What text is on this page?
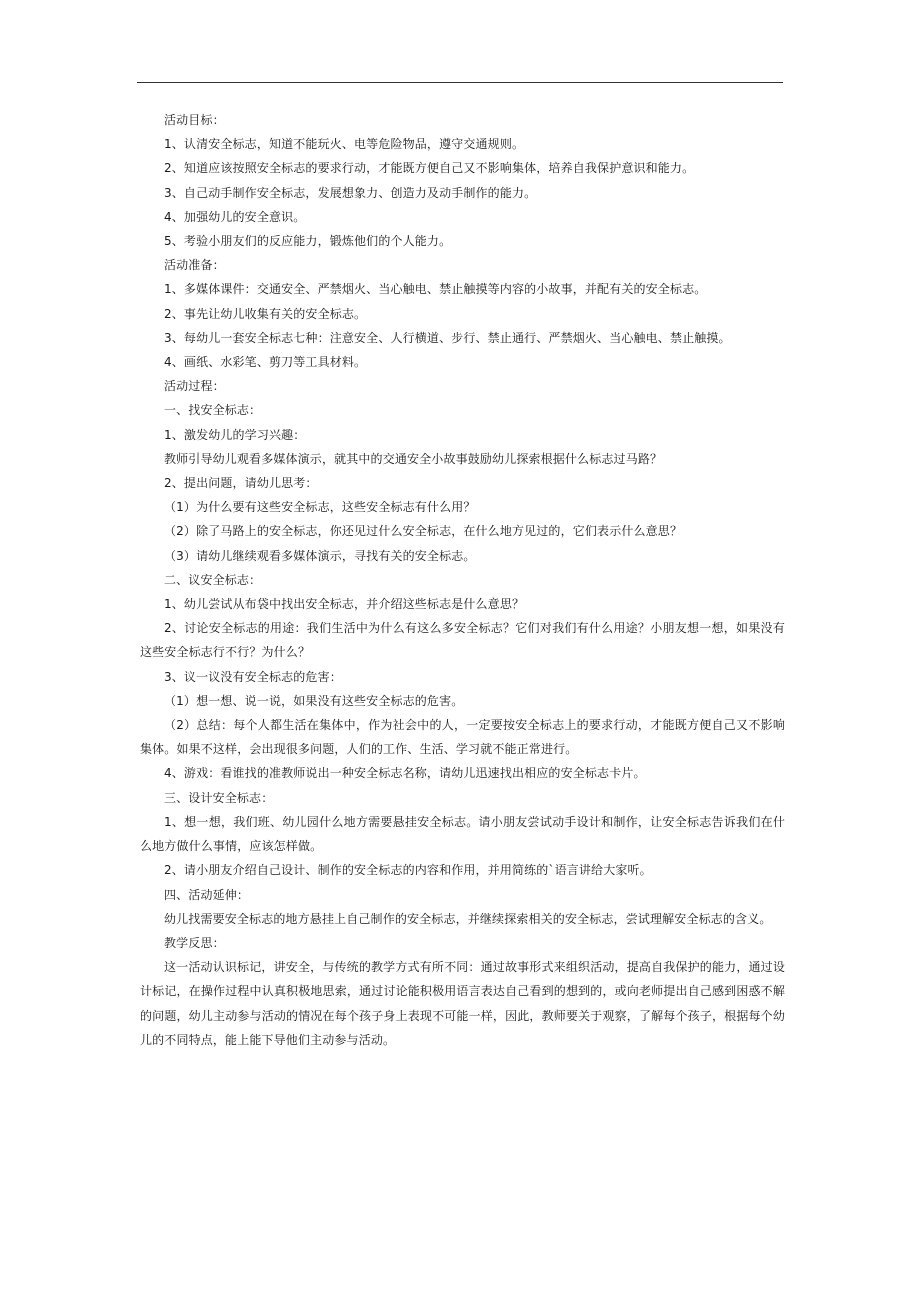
活动目标：

1、认清安全标志，知道不能玩火、电等危险物品，遵守交通规则。

2、知道应该按照安全标志的要求行动，才能既方便自己又不影响集体，培养自我保护意识和能力。

3、自己动手制作安全标志，发展想象力、创造力及动手制作的能力。

4、加强幼儿的安全意识。

5、考验小朋友们的反应能力，锻炼他们的个人能力。

活动准备：

1、多媒体课件：交通安全、严禁烟火、当心触电、禁止触摸等内容的小故事，并配有关的安全标志。

2、事先让幼儿收集有关的安全标志。

3、每幼儿一套安全标志七种：注意安全、人行横道、步行、禁止通行、严禁烟火、当心触电、禁止触摸。

4、画纸、水彩笔、剪刀等工具材料。

活动过程：

一、找安全标志：

1、激发幼儿的学习兴趣：

教师引导幼儿观看多媒体演示，就其中的交通安全小故事鼓励幼儿探索根据什么标志过马路？

2、提出问题，请幼儿思考：

（1）为什么要有这些安全标志，这些安全标志有什么用？

（2）除了马路上的安全标志，你还见过什么安全标志，在什么地方见过的，它们表示什么意思？

（3）请幼儿继续观看多媒体演示，寻找有关的安全标志。

二、议安全标志：

1、幼儿尝试从布袋中找出安全标志，并介绍这些标志是什么意思？

2、讨论安全标志的用途：我们生活中为什么有这么多安全标志？它们对我们有什么用途？小朋友想一想，如果没有这些安全标志行不行？为什么？

3、议一议没有安全标志的危害：

（1）想一想、说一说，如果没有这些安全标志的危害。

（2）总结：每个人都生活在集体中，作为社会中的人，一定要按安全标志上的要求行动，才能既方便自己又不影响集体。如果不这样，会出现很多问题，人们的工作、生活、学习就不能正常进行。

4、游戏：看谁找的准教师说出一种安全标志名称，请幼儿迅速找出相应的安全标志卡片。

三、设计安全标志：

1、想一想，我们班、幼儿园什么地方需要悬挂安全标志。请小朋友尝试动手设计和制作，让安全标志告诉我们在什么地方做什么事情，应该怎样做。

2、请小朋友介绍自己设计、制作的安全标志的内容和作用，并用简练的`语言讲给大家听。

四、活动延伸：

幼儿找需要安全标志的地方悬挂上自己制作的安全标志，并继续探索相关的安全标志，尝试理解安全标志的含义。

教学反思：

这一活动认识标记，讲安全，与传统的教学方式有所不同：通过故事形式来组织活动，提高自我保护的能力，通过设计标记，在操作过程中认真积极地思索，通过讨论能积极用语言表达自己看到的想到的，或向老师提出自己感到困惑不解的问题，幼儿主动参与活动的情况在每个孩子身上表现不可能一样，因此，教师要关于观察，了解每个孩子，根据每个幼儿的不同特点，能上能下导他们主动参与活动。
